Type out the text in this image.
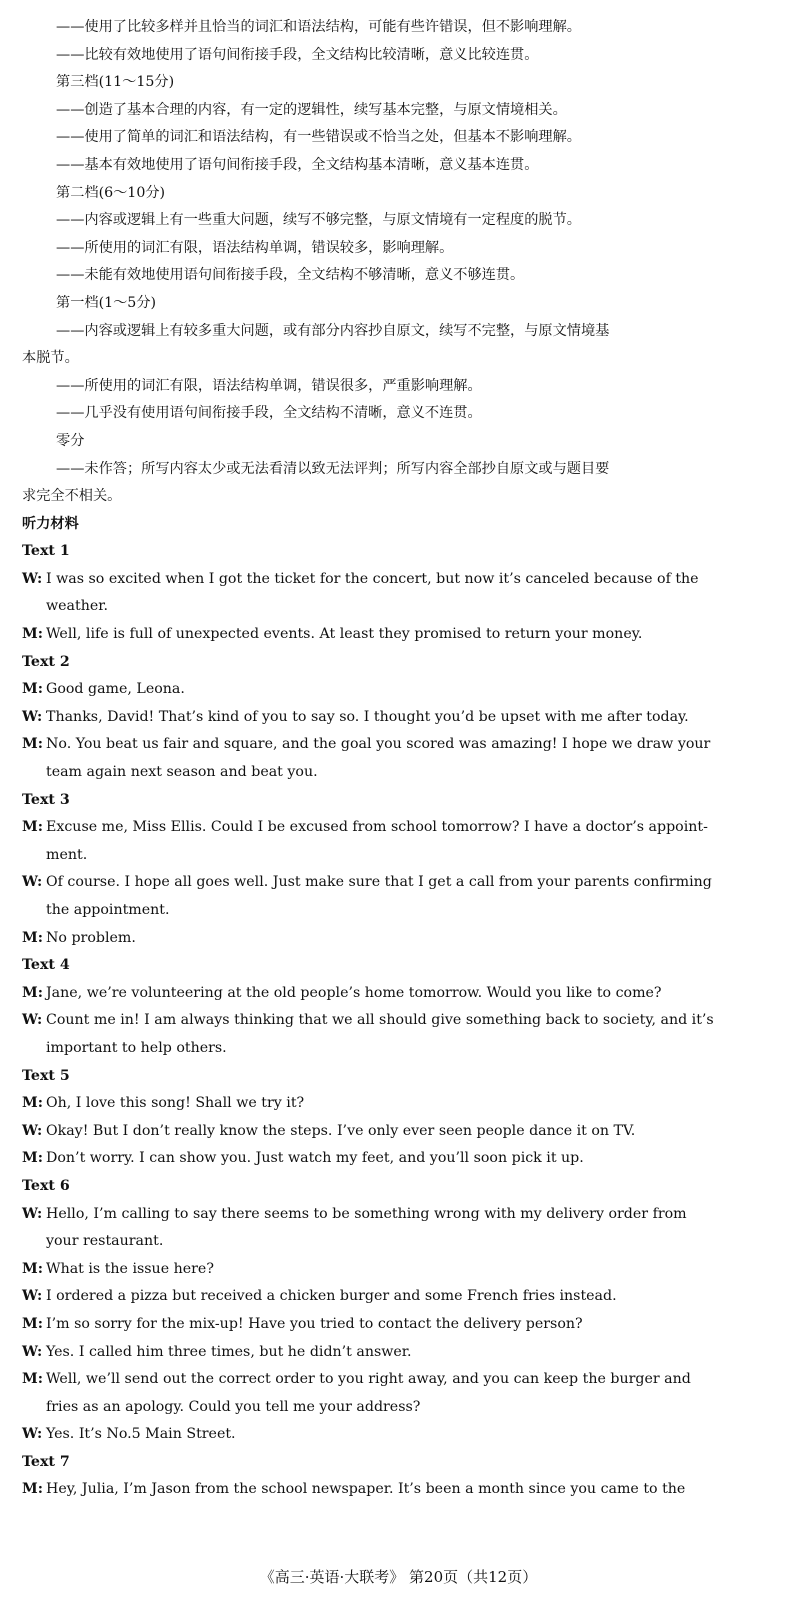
——使用了比较多样并且恰当的词汇和语法结构，可能有些许错误，但不影响理解。
——比较有效地使用了语句间衔接手段，全文结构比较清晰，意义比较连贯。
第三档(11～15分)
——创造了基本合理的内容，有一定的逻辑性，续写基本完整，与原文情境相关。
——使用了简单的词汇和语法结构，有一些错误或不恰当之处，但基本不影响理解。
——基本有效地使用了语句间衔接手段，全文结构基本清晰，意义基本连贯。
第二档(6～10分)
——内容或逻辑上有一些重大问题，续写不够完整，与原文情境有一定程度的脱节。
——所使用的词汇有限，语法结构单调，错误较多，影响理解。
——未能有效地使用语句间衔接手段，全文结构不够清晰，意义不够连贯。
第一档(1～5分)
——内容或逻辑上有较多重大问题，或有部分内容抄自原文，续写不完整，与原文情境基
本脱节。
——所使用的词汇有限，语法结构单调，错误很多，严重影响理解。
——几乎没有使用语句间衔接手段，全文结构不清晰，意义不连贯。
零分
——未作答；所写内容太少或无法看清以致无法评判；所写内容全部抄自原文或与题目要
求完全不相关。
听力材料
Text 1
W: I was so excited when I got the ticket for the concert, but now it’s canceled because of the
weather.
M: Well, life is full of unexpected events. At least they promised to return your money.
Text 2
M: Good game, Leona.
W: Thanks, David! That’s kind of you to say so. I thought you’d be upset with me after today.
M: No. You beat us fair and square, and the goal you scored was amazing! I hope we draw your
team again next season and beat you.
Text 3
M: Excuse me, Miss Ellis. Could I be excused from school tomorrow? I have a doctor’s appoint-
ment.
W: Of course. I hope all goes well. Just make sure that I get a call from your parents confirming
the appointment.
M: No problem.
Text 4
M: Jane, we’re volunteering at the old people’s home tomorrow. Would you like to come?
W: Count me in! I am always thinking that we all should give something back to society, and it’s
important to help others.
Text 5
M: Oh, I love this song! Shall we try it?
W: Okay! But I don’t really know the steps. I’ve only ever seen people dance it on TV.
M: Don’t worry. I can show you. Just watch my feet, and you’ll soon pick it up.
Text 6
W: Hello, I’m calling to say there seems to be something wrong with my delivery order from
your restaurant.
M: What is the issue here?
W: I ordered a pizza but received a chicken burger and some French fries instead.
M: I’m so sorry for the mix-up! Have you tried to contact the delivery person?
W: Yes. I called him three times, but he didn’t answer.
M: Well, we’ll send out the correct order to you right away, and you can keep the burger and
fries as an apology. Could you tell me your address?
W: Yes. It’s No.5 Main Street.
Text 7
M: Hey, Julia, I’m Jason from the school newspaper. It’s been a month since you came to the
《高三·英语·大联考》 第20页（共12页）
